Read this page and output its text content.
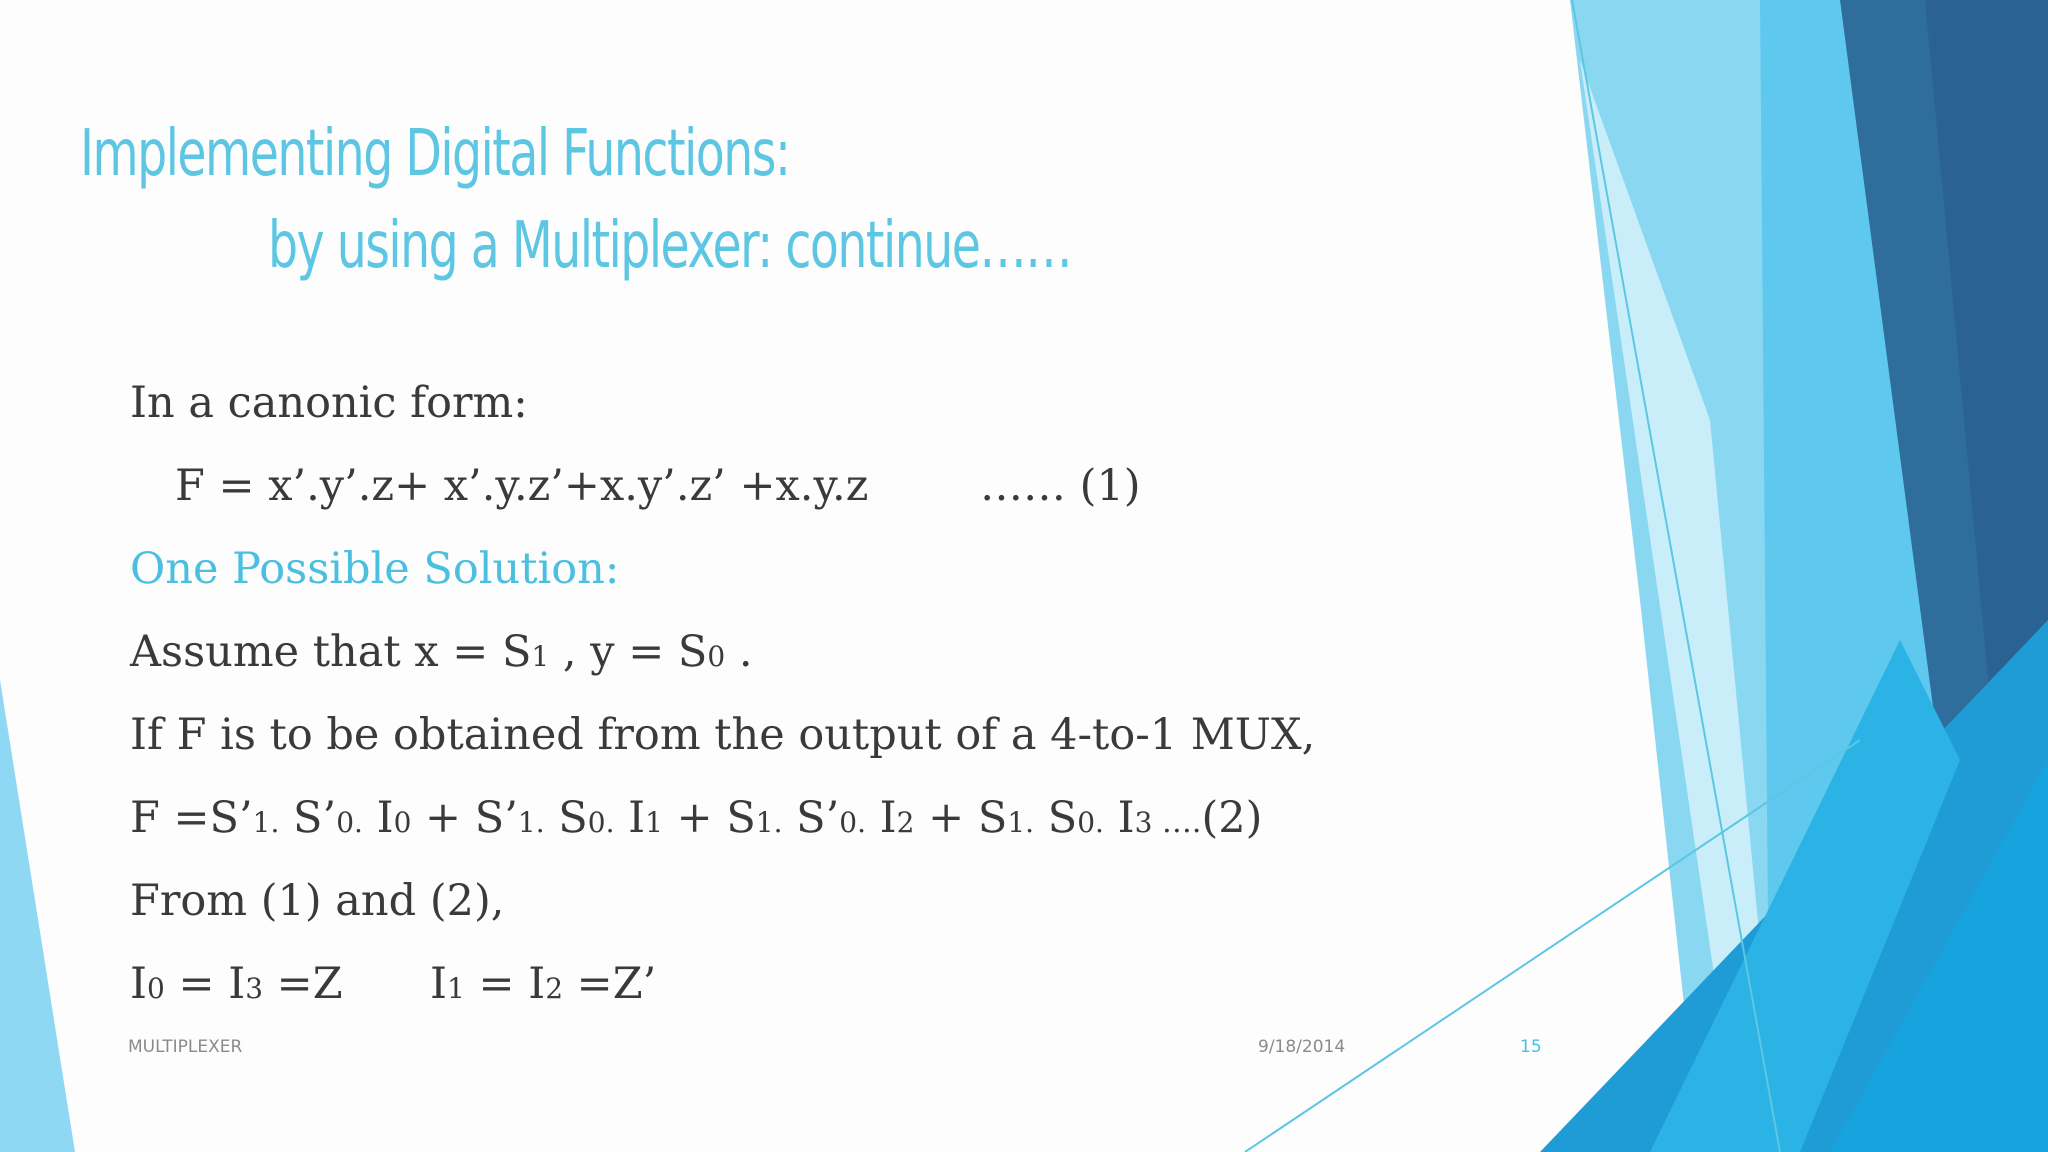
Implementing Digital Functions:
by using a Multiplexer: continue……
In a canonic form:
F = x’.y’.z+ x’.y.z’+x.y’.z’ +x.y.z	…… (1)
One Possible Solution:
Assume that x = S1 , y = S0 .
If F is to be obtained from the output of a 4-to-1 MUX,
F =S’1. S’0. I0 + S’1. S0. I1 + S1. S’0. I2 + S1. S0. I3 ….(2)
From (1) and (2),
I0 = I3 =Z I1 = I2 =Z’
MULTIPLEXER	9/18/2014	15
